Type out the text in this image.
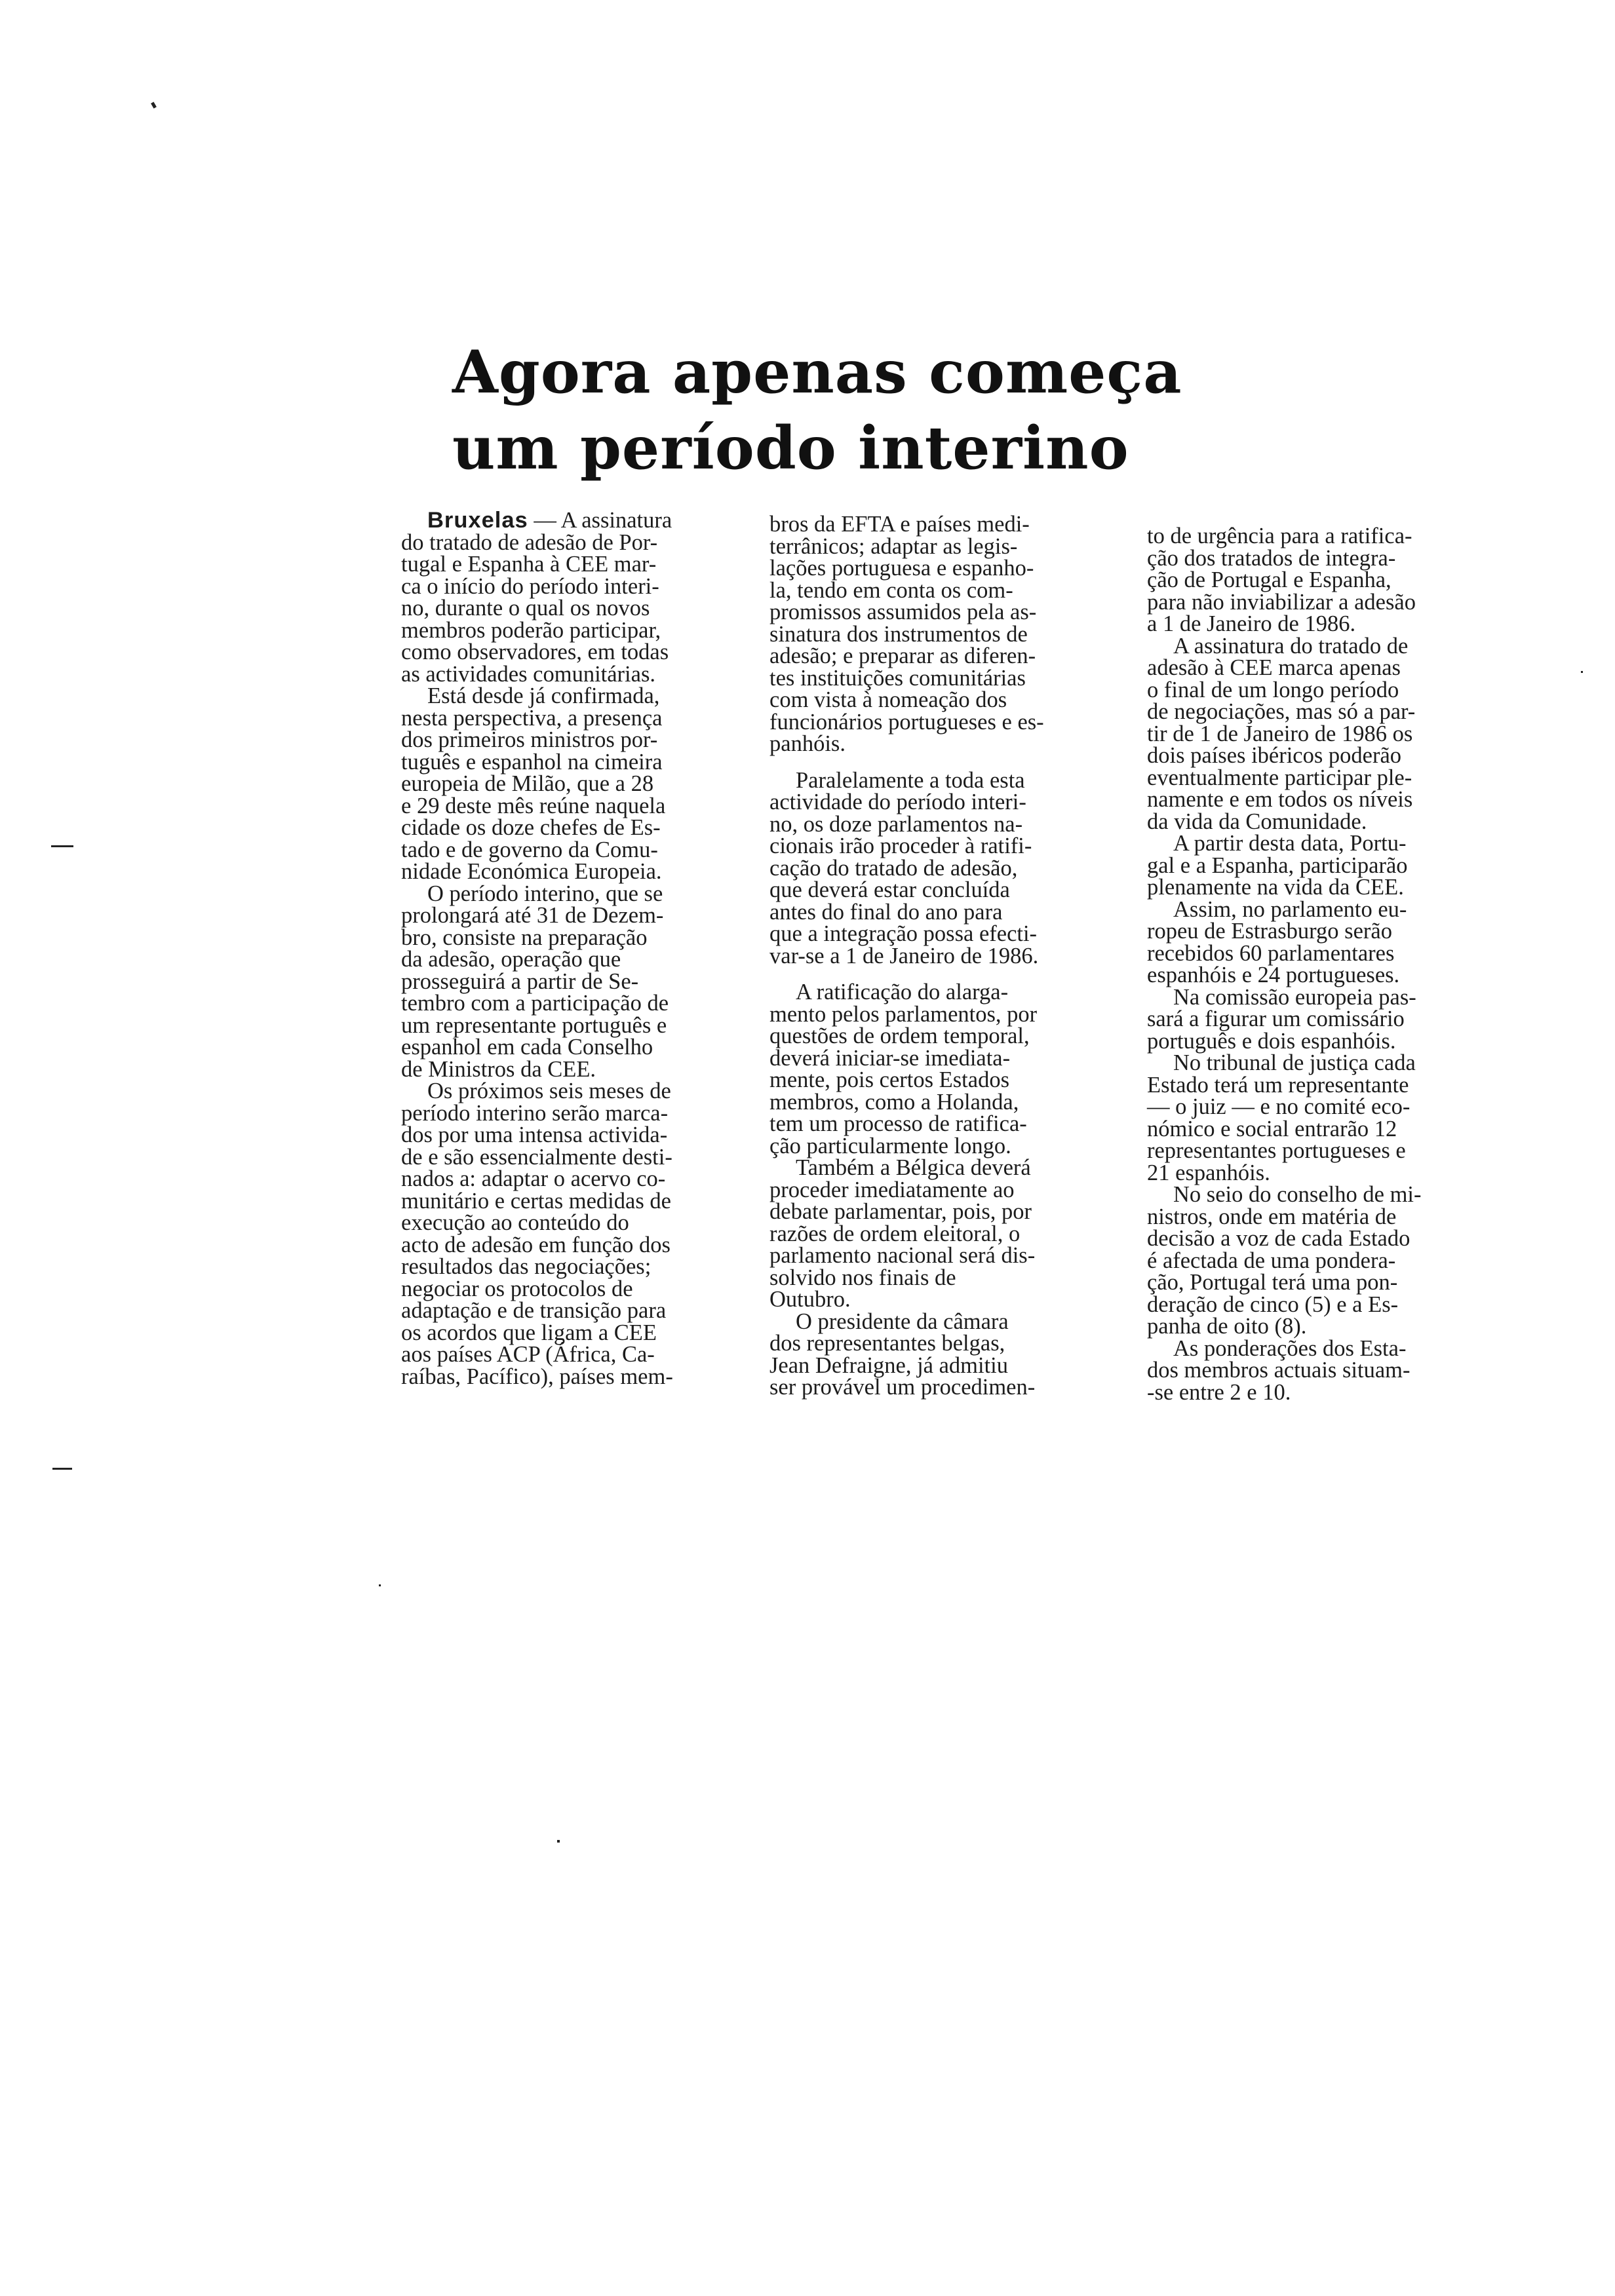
Agora apenas começa
um período interino

Bruxelas — A assinatura
do tratado de adesão de Por-
tugal e Espanha à CEE mar-
ca o início do período interi-
no, durante o qual os novos
membros poderão participar,
como observadores, em todas
as actividades comunitárias.

Está desde já confirmada,
nesta perspectiva, a presença
dos primeiros ministros por-
tuguês e espanhol na cimeira
europeia de Milão, que a 28
e 29 deste mês reúne naquela
cidade os doze chefes de Es-
tado e de governo da Comu-
nidade Económica Europeia.

O período interino, que se
prolongará até 31 de Dezem-
bro, consiste na preparação
da adesão, operação que
prosseguirá a partir de Se-
tembro com a participação de
um representante português e
espanhol em cada Conselho
de Ministros da CEE.

Os próximos seis meses de
período interino serão marca-
dos por uma intensa activida-
de e são essencialmente desti-
nados a: adaptar o acervo co-
munitário e certas medidas de
execução ao conteúdo do
acto de adesão em função dos
resultados das negociações;
negociar os protocolos de
adaptação e de transição para
os acordos que ligam a CEE
aos países ACP (África, Ca-
raíbas, Pacífico), países mem-

bros da EFTA e países medi-
terrânicos; adaptar as legis-
lações portuguesa e espanho-
la, tendo em conta os com-
promissos assumidos pela as-
sinatura dos instrumentos de
adesão; e preparar as diferen-
tes instituições comunitárias
com vista à nomeação dos
funcionários portugueses e es-
panhóis.

Paralelamente a toda esta
actividade do período interi-
no, os doze parlamentos na-
cionais irão proceder à ratifi-
cação do tratado de adesão,
que deverá estar concluída
antes do final do ano para
que a integração possa efecti-
var-se a 1 de Janeiro de 1986.

A ratificação do alarga-
mento pelos parlamentos, por
questões de ordem temporal,
deverá iniciar-se imediata-
mente, pois certos Estados
membros, como a Holanda,
tem um processo de ratifica-
ção particularmente longo.

Também a Bélgica deverá
proceder imediatamente ao
debate parlamentar, pois, por
razões de ordem eleitoral, o
parlamento nacional será dis-
solvido nos finais de
Outubro.

O presidente da câmara
dos representantes belgas,
Jean Defraigne, já admitiu
ser provável um procedimen-

to de urgência para a ratifica-
ção dos tratados de integra-
ção de Portugal e Espanha,
para não inviabilizar a adesão
a 1 de Janeiro de 1986.

A assinatura do tratado de
adesão à CEE marca apenas
o final de um longo período
de negociações, mas só a par-
tir de 1 de Janeiro de 1986 os
dois países ibéricos poderão
eventualmente participar ple-
namente e em todos os níveis
da vida da Comunidade.

A partir desta data, Portu-
gal e a Espanha, participarão
plenamente na vida da CEE.

Assim, no parlamento eu-
ropeu de Estrasburgo serão
recebidos 60 parlamentares
espanhóis e 24 portugueses.

Na comissão europeia pas-
sará a figurar um comissário
português e dois espanhóis.

No tribunal de justiça cada
Estado terá um representante
— o juiz — e no comité eco-
nómico e social entrarão 12
representantes portugueses e
21 espanhóis.

No seio do conselho de mi-
nistros, onde em matéria de
decisão a voz de cada Estado
é afectada de uma pondera-
ção, Portugal terá uma pon-
deração de cinco (5) e a Es-
panha de oito (8).

As ponderações dos Esta-
dos membros actuais situam-
-se entre 2 e 10.
